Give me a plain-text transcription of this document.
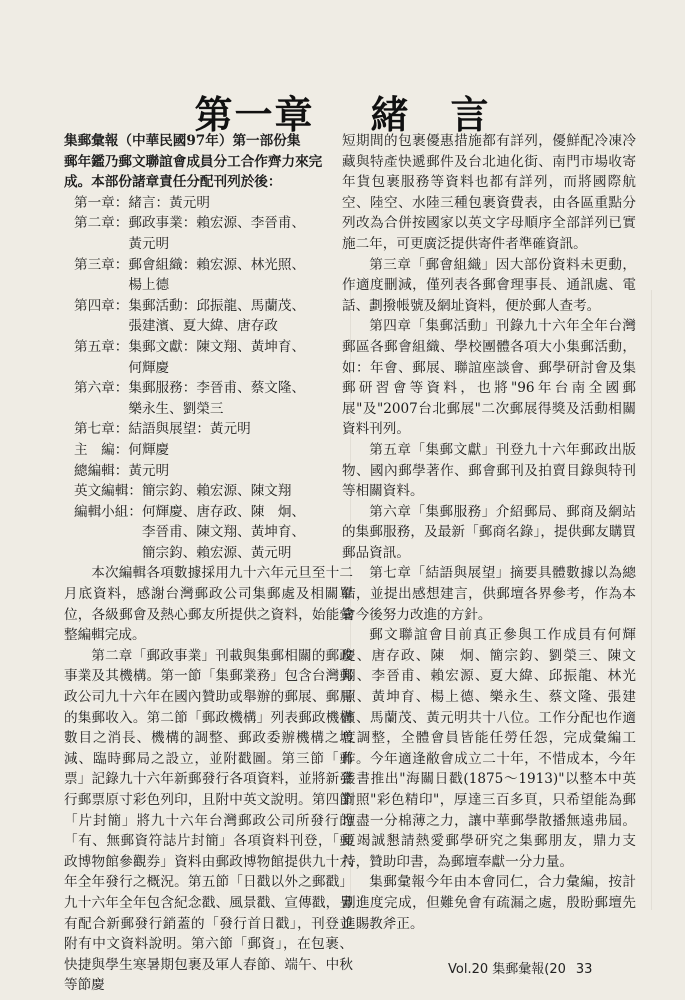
第一章 緒　言
集郵彙報（中華民國97年）第一部份集
郵年鑑乃郵文聯誼會成員分工合作齊力來完
成。本部份諸章責任分配刊列於後：
第一章： 緒言：黃元明
第二章： 郵政事業：賴宏源、李晉甫、
黃元明
第三章： 郵會組織：賴宏源、林光照、
楊上德
第四章： 集郵活動：邱振龍、馬蘭茂、
張建濱、夏大緯、唐存政
第五章： 集郵文獻：陳文翔、黃坤育、
何輝慶
第六章： 集郵服務：李晉甫、蔡文隆、
樂永生、劉榮三
第七章： 結語與展望：黃元明
主　編： 何輝慶
總編輯： 黃元明
英文編輯： 簡宗鈞、賴宏源、陳文翔
編輯小組： 何輝慶、唐存政、陳　炯、
李晉甫、陳文翔、黃坤育、
簡宗鈞、賴宏源、黃元明

本次編輯各項數據採用九十六年元旦至十二月底資料，感謝台灣郵政公司集郵處及相關單位，各級郵會及熱心郵友所提供之資料，始能彙整編輯完成。

第二章「郵政事業」刊載與集郵相關的郵政事業及其機構。第一節「集郵業務」包含台灣郵政公司九十六年在國內贊助或舉辦的郵展、郵局的集郵收入。第二節「郵政機構」列表郵政機構數目之消長、機構的調整、郵政委辦機構之增減、臨時郵局之設立，並附戳圖。第三節「郵票」記錄九十六年新郵發行各項資料，並將新發行郵票原寸彩色列印，且附中英文說明。第四節「片封簡」將九十六年台灣郵政公司所發行的「有、無郵資符誌片封簡」各項資料刊登，「郵政博物館參觀券」資料由郵政博物館提供九十六年全年發行之概況。第五節「日戳以外之郵戳」九十六年全年包含紀念戳、風景戳、宣傳戳，另有配合新郵發行銷蓋的「發行首日戳」，刊登並附有中文資料說明。第六節「郵資」，在包裹、快捷與學生寒暑期包裹及軍人春節、端午、中秋等節慶

短期間的包裹優惠措施都有詳列，優鮮配冷凍冷藏與特產快遞郵件及台北迪化街、南門市場收寄年貨包裹服務等資料也都有詳列，而將國際航空、陸空、水陸三種包裹資費表，由各區重點分列改為合併按國家以英文字母順序全部詳列已實施二年，可更廣泛提供寄件者準確資訊。

第三章「郵會組織」因大部份資料未更動，作適度刪減，僅列表各郵會理事長、通訊處、電話、劃撥帳號及網址資料，便於郵人查考。

第四章「集郵活動」刊錄九十六年全年台灣郵區各郵會組織、學校團體各項大小集郵活動，如：年會、郵展、聯誼座談會、郵學研討會及集郵研習會等資料，也將"96年台南全國郵展"及"2007台北郵展"二次郵展得獎及活動相關資料刊列。

第五章「集郵文獻」刊登九十六年郵政出版物、國內郵學著作、郵會郵刊及拍賣目錄與特刊等相關資料。

第六章「集郵服務」介紹郵局、郵商及網站的集郵服務，及最新「郵商名錄」，提供郵友購買郵品資訊。

第七章「結語與展望」摘要具體數據以為總結，並提出感想建言，供郵壇各界參考，作為本會今後努力改進的方針。

郵文聯誼會目前真正參與工作成員有何輝慶、唐存政、陳　炯、簡宗鈞、劉榮三、陳文翔、李晉甫、賴宏源、夏大緯、邱振龍、林光照、黃坤育、楊上德、樂永生、蔡文隆、張建濱、馬蘭茂、黃元明共十八位。工作分配也作適度調整，全體會員皆能任勞任怨，完成彙編工作。今年適逢敝會成立二十年，不惜成本，今年叢書推出"海關日戳(1875～1913)"以整本中英對照"彩色精印"，厚達三百多頁，只希望能為郵壇盡一分棉薄之力，讓中華郵學散播無遠弗屆。更竭誠懇請熱愛郵學研究之集郵朋友，鼎力支持，贊助印書，為郵壇奉獻一分力量。

集郵彙報今年由本會同仁，合力彙編，按計劃進度完成，但難免會有疏漏之處，殷盼郵壇先進賜教斧正。

Vol.20 集郵彙報(20 33
